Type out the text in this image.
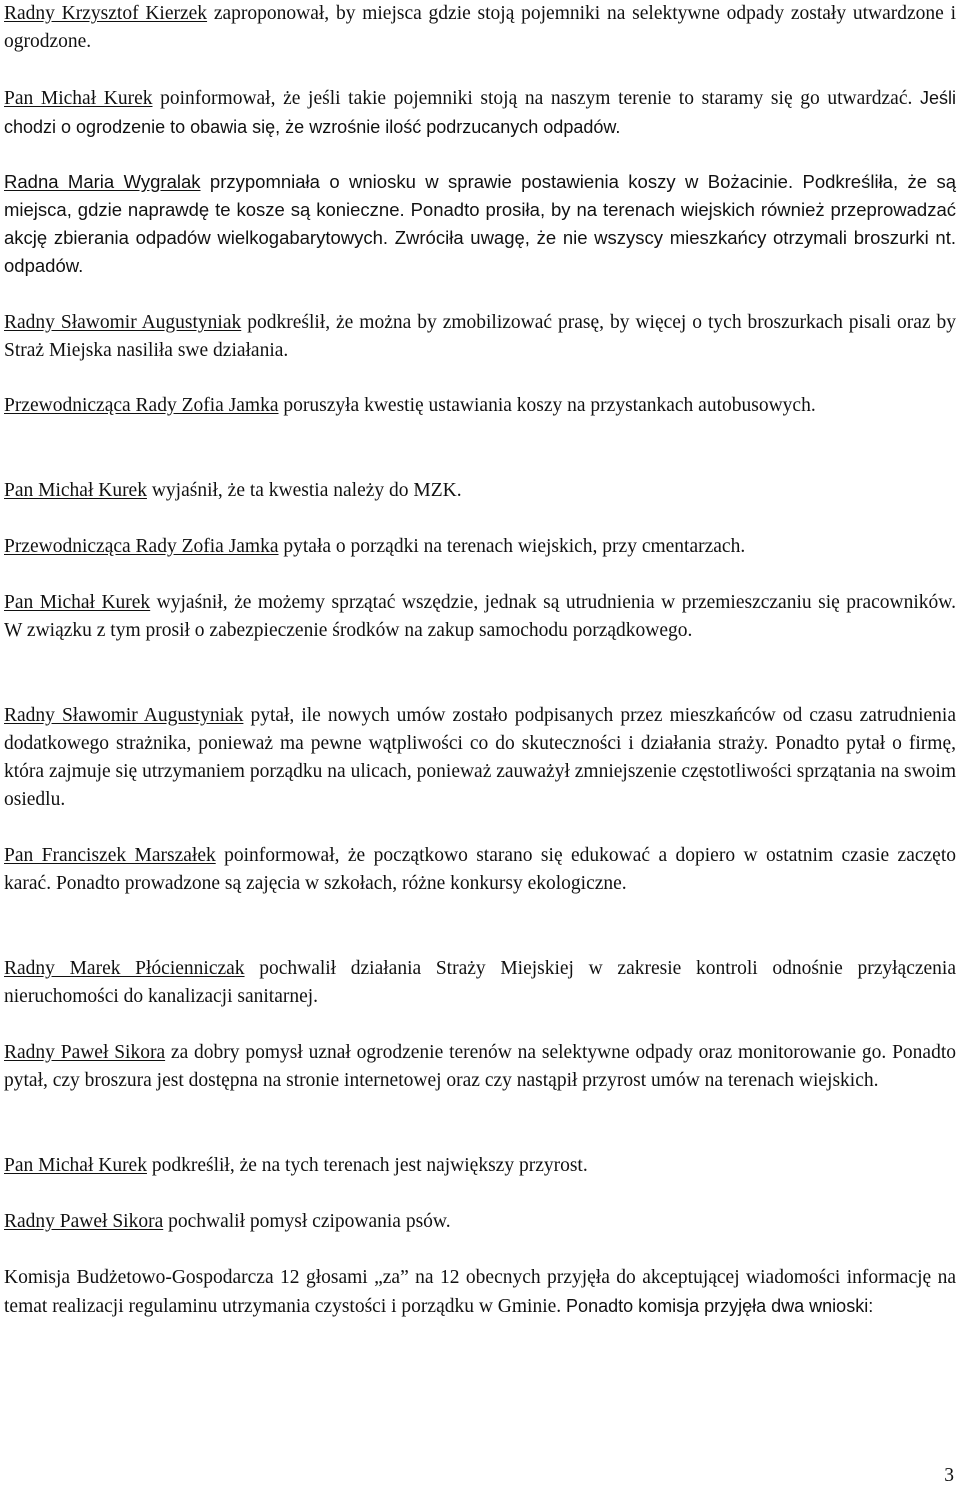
Radny Krzysztof Kierzek zaproponował, by miejsca gdzie stoją pojemniki na selektywne odpady zostały utwardzone i ogrodzone.

Pan Michał Kurek poinformował, że jeśli takie pojemniki stoją na naszym terenie to staramy się go utwardzać. Jeśli chodzi o ogrodzenie to obawia się, że wzrośnie ilość podrzucanych odpadów.

Radna Maria Wygralak przypomniała o wniosku w sprawie postawienia koszy w Bożacinie. Podkreśliła, że są miejsca, gdzie naprawdę te kosze są konieczne. Ponadto prosiła, by na terenach wiejskich również przeprowadzać akcję zbierania odpadów wielkogabarytowych. Zwróciła uwagę, że nie wszyscy mieszkańcy otrzymali broszurki nt. odpadów.

Radny Sławomir Augustyniak podkreślił, że można by zmobilizować prasę, by więcej o tych broszurkach pisali oraz by Straż Miejska nasiliła swe działania.

Przewodnicząca Rady Zofia Jamka poruszyła kwestię ustawiania koszy na przystankach autobusowych.

Pan Michał Kurek wyjaśnił, że ta kwestia należy do MZK.

Przewodnicząca Rady Zofia Jamka pytała o porządki na terenach wiejskich, przy cmentarzach.

Pan Michał Kurek wyjaśnił, że możemy sprzątać wszędzie, jednak są utrudnienia w przemieszczaniu się pracowników. W związku z tym prosił o zabezpieczenie środków na zakup samochodu porządkowego.

Radny Sławomir Augustyniak pytał, ile nowych umów zostało podpisanych przez mieszkańców od czasu zatrudnienia dodatkowego strażnika, ponieważ ma pewne wątpliwości co do skuteczności i działania straży. Ponadto pytał o firmę, która zajmuje się utrzymaniem porządku na ulicach, ponieważ zauważył zmniejszenie częstotliwości sprzątania na swoim osiedlu.

Pan Franciszek Marszałek poinformował, że początkowo starano się edukować a dopiero w ostatnim czasie zaczęto karać. Ponadto prowadzone są zajęcia w szkołach, różne konkursy ekologiczne.

Radny Marek Płócienniczak pochwalił działania Straży Miejskiej w zakresie kontroli odnośnie przyłączenia nieruchomości do kanalizacji sanitarnej.

Radny Paweł Sikora za dobry pomysł uznał ogrodzenie terenów na selektywne odpady oraz monitorowanie go. Ponadto pytał, czy broszura jest dostępna na stronie internetowej oraz czy nastąpił przyrost umów na terenach wiejskich.

Pan Michał Kurek podkreślił, że na tych terenach jest największy przyrost.

Radny Paweł Sikora pochwalił pomysł czipowania psów.

Komisja Budżetowo-Gospodarcza 12 głosami „za” na 12 obecnych przyjęła do akceptującej wiadomości informację na temat realizacji regulaminu utrzymania czystości i porządku w Gminie. Ponadto komisja przyjęła dwa wnioski:

3
